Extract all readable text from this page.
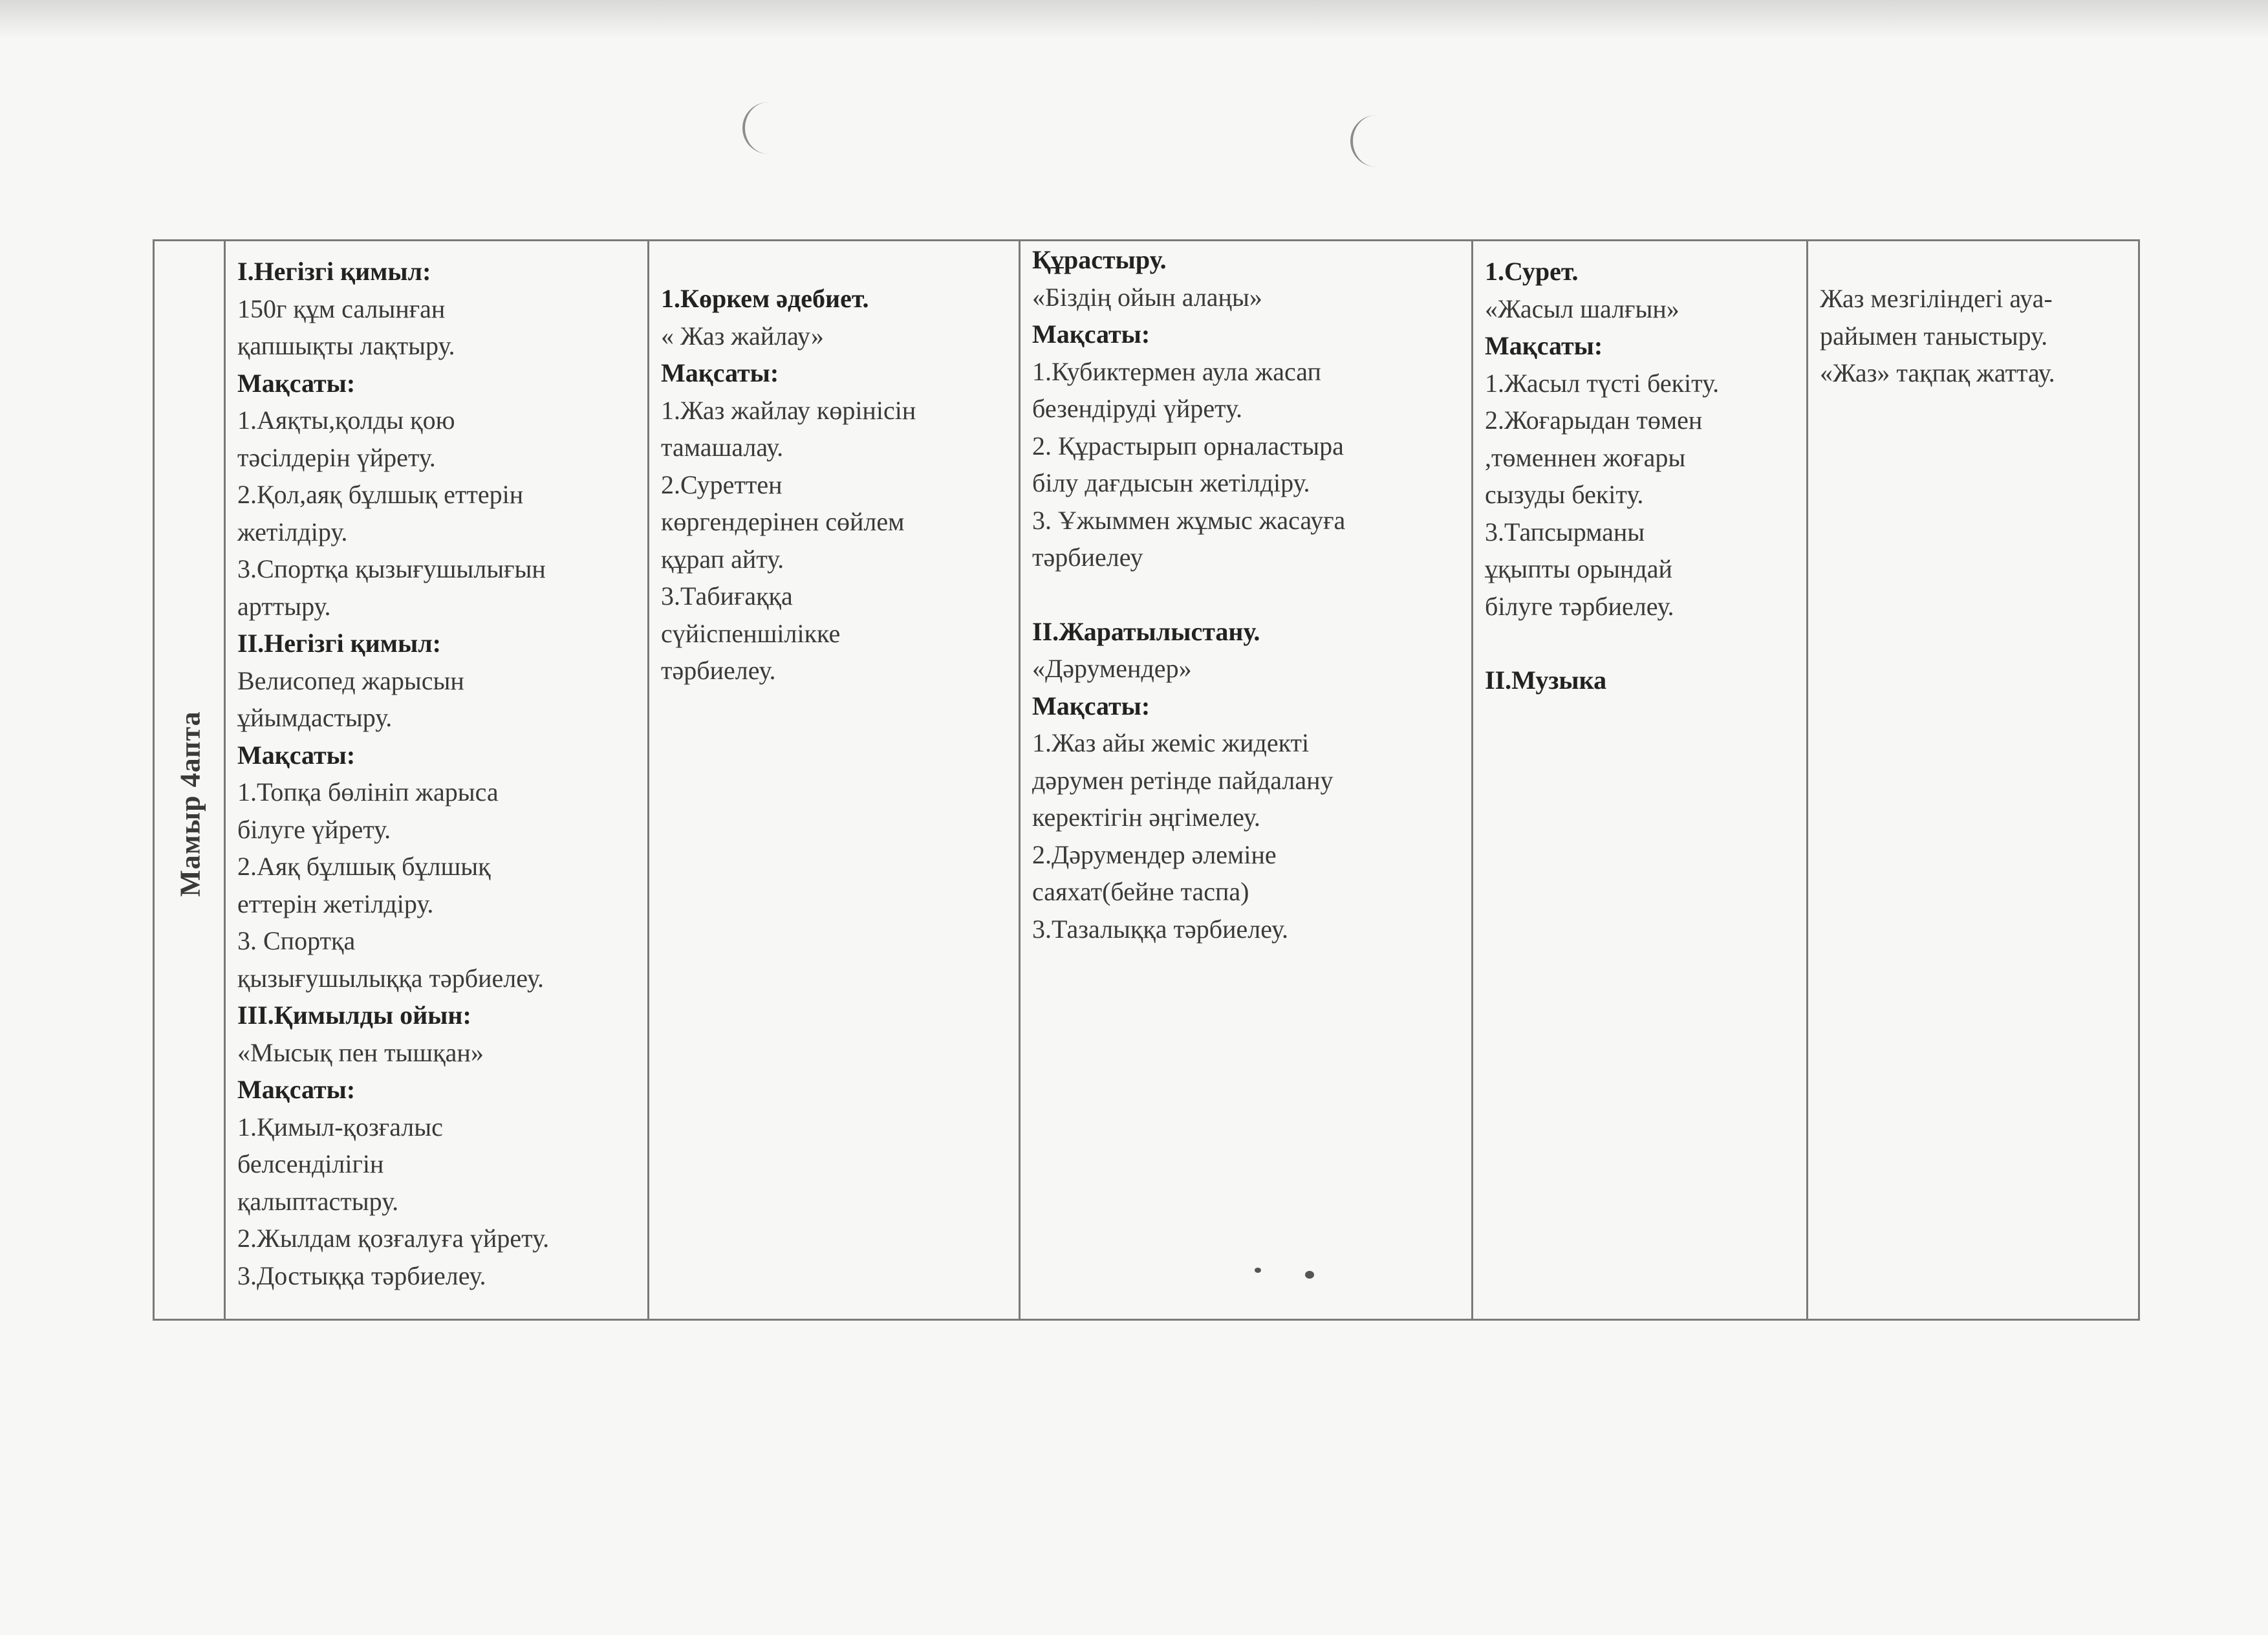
Мамыр 4апта

І.Негізгі қимыл:
150г құм салынған
қапшықты лақтыру.
Мақсаты:
1.Аяқты,қолды қою
тәсілдерін үйрету.
2.Қол,аяқ бұлшық еттерін
жетілдіру.
3.Спортқа қызығушылығын
арттыру.
ІІ.Негізгі қимыл:
Велисопед жарысын
ұйымдастыру.
Мақсаты:
1.Топқа бөлініп жарыса
білуге үйрету.
2.Аяқ бұлшық бұлшық
еттерін жетілдіру.
3. Спортқа
қызығушылыққа тәрбиелеу.
ІІІ.Қимылды ойын:
«Мысық пен тышқан»
Мақсаты:
1.Қимыл-қозғалыс
белсенділігін
қалыптастыру.
2.Жылдам қозғалуға үйрету.
3.Достыққа тәрбиелеу.

1.Көркем әдебиет.
« Жаз жайлау»
Мақсаты:
1.Жаз жайлау көрінісін
тамашалау.
2.Суреттен
көргендерінен сөйлем
құрап айту.
3.Табиғаққа
сүйіспеншілікке
тәрбиелеу.

Құрастыру.
«Біздің ойын алаңы»
Мақсаты:
1.Кубиктермен аула жасап
безендіруді үйрету.
2. Құрастырып орналастыра
білу дағдысын жетілдіру.
3. Ұжыммен жұмыс жасауға
тәрбиелеу
ІІ.Жаратылыстану.
«Дәрумендер»
Мақсаты:
1.Жаз айы жеміс жидекті
дәрумен ретінде пайдалану
керектігін әңгімелеу.
2.Дәрумендер әлеміне
саяхат(бейне таспа)
3.Тазалыққа тәрбиелеу.

1.Сурет.
«Жасыл шалғын»
Мақсаты:
1.Жасыл түсті бекіту.
2.Жоғарыдан төмен
,төменнен жоғары
сызуды бекіту.
3.Тапсырманы
ұқыпты орындай
білуге тәрбиелеу.
ІІ.Музыка

Жаз мезгіліндегі ауа-
райымен таныстыру.
«Жаз» тақпақ жаттау.
